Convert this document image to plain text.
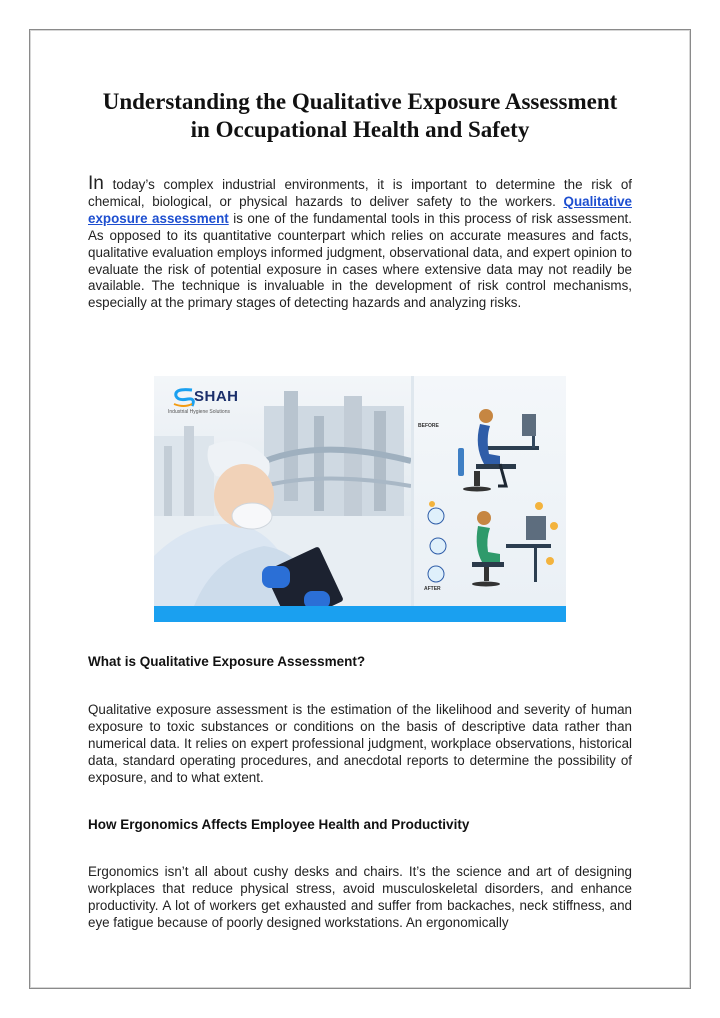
Understanding the Qualitative Exposure Assessment
in Occupational Health and Safety

In today’s complex industrial environments, it is important to determine the risk of chemical, biological, or physical hazards to deliver safety to the workers. Qualitative exposure assessment is one of the fundamental tools in this process of risk assessment. As opposed to its quantitative counterpart which relies on accurate measures and facts, qualitative evaluation employs informed judgment, observational data, and expert opinion to evaluate the risk of potential exposure in cases where extensive data may not readily be available. The technique is invaluable in the development of risk control mechanisms, especially at the primary stages of detecting hazards and analyzing risks.

SHAH
Industrial Hygiene Solutions
BEFORE
AFTER
What is Qualitative Exposure Assessment?

Qualitative exposure assessment is the estimation of the likelihood and severity of human exposure to toxic substances or conditions on the basis of descriptive data rather than numerical data. It relies on expert professional judgment, workplace observations, historical data, standard operating procedures, and anecdotal reports to determine the possibility of exposure, and to what extent.

How Ergonomics Affects Employee Health and Productivity

Ergonomics isn’t all about cushy desks and chairs. It’s the science and art of designing workplaces that reduce physical stress, avoid musculoskeletal disorders, and enhance productivity. A lot of workers get exhausted and suffer from backaches, neck stiffness, and eye fatigue because of poorly designed workstations. An ergonomically
